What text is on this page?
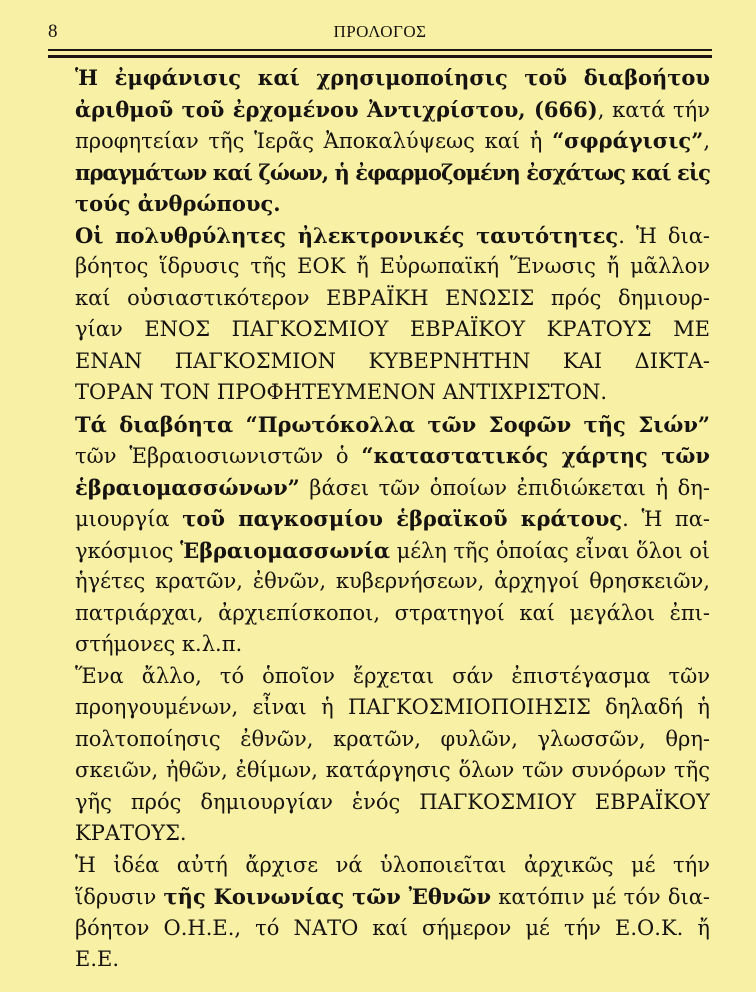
8	ΠΡΟΛΟΓΟΣ
Ἡ ἐμφάνισις καί χρησιμοποίησις τοῦ διαβοήτου
ἀριθμοῦ τοῦ ἐρχομένου Ἀντιχρίστου, (666), κατά τήν
προφητείαν τῆς Ἱερᾶς Ἀποκαλύψεως καί ἡ “σφράγισις”,
πραγμάτων καί ζώων, ἡ ἐφαρμοζομένη ἐσχάτως καί εἰς
τούς ἀνθρώπους.
Οἱ πολυθρύλητες ἠλεκτρονικές ταυτότητες. Ἡ δια-
βόητος ἵδρυσις τῆς ΕΟΚ ἤ Εὐρωπαϊκή Ἕνωσις ἤ μᾶλλον
καί οὐσιαστικότερον ΕΒΡΑΪΚΗ ΕΝΩΣΙΣ πρός δημιουρ-
γίαν ΕΝΟΣ ΠΑΓΚΟΣΜΙΟΥ ΕΒΡΑΪΚΟΥ ΚΡΑΤΟΥΣ ΜΕ
ΕΝΑΝ ΠΑΓΚΟΣΜΙΟΝ ΚΥΒΕΡΝΗΤΗΝ ΚΑΙ ΔΙΚΤΑ-
ΤΟΡΑΝ ΤΟΝ ΠΡΟΦΗΤΕΥΜΕΝΟΝ ΑΝΤΙΧΡΙΣΤΟΝ.
Τά διαβόητα “Πρωτόκολλα τῶν Σοφῶν τῆς Σιών”
τῶν Ἑβραιοσιωνιστῶν ὁ “καταστατικός χάρτης τῶν
ἑβραιομασσώνων” βάσει τῶν ὁποίων ἐπιδιώκεται ἡ δη-
μιουργία τοῦ παγκοσμίου ἑβραϊκοῦ κράτους. Ἡ πα-
γκόσμιος Ἑβραιομασσωνία μέλη τῆς ὁποίας εἶναι ὅλοι οἱ
ἡγέτες κρατῶν, ἐθνῶν, κυβερνήσεων, ἀρχηγοί θρησκειῶν,
πατριάρχαι, ἀρχιεπίσκοποι, στρατηγοί καί μεγάλοι ἐπι-
στήμονες κ.λ.π.
Ἕνα ἄλλο, τό ὁποῖον ἔρχεται σάν ἐπιστέγασμα τῶν
προηγουμένων, εἶναι ἡ ΠΑΓΚΟΣΜΙΟΠΟΙΗΣΙΣ δηλαδή ἡ
πολτοποίησις ἐθνῶν, κρατῶν, φυλῶν, γλωσσῶν, θρη-
σκειῶν, ἠθῶν, ἐθίμων, κατάργησις ὅλων τῶν συνόρων τῆς
γῆς πρός δημιουργίαν ἑνός ΠΑΓΚΟΣΜΙΟΥ ΕΒΡΑΪΚΟΥ
ΚΡΑΤΟΥΣ.
Ἡ ἰδέα αὐτή ἄρχισε νά ὑλοποιεῖται ἀρχικῶς μέ τήν
ἵδρυσιν τῆς Κοινωνίας τῶν Ἐθνῶν κατόπιν μέ τόν δια-
βόητον Ο.Η.Ε., τό ΝΑΤΟ καί σήμερον μέ τήν Ε.Ο.Κ. ἤ
Ε.Ε.
